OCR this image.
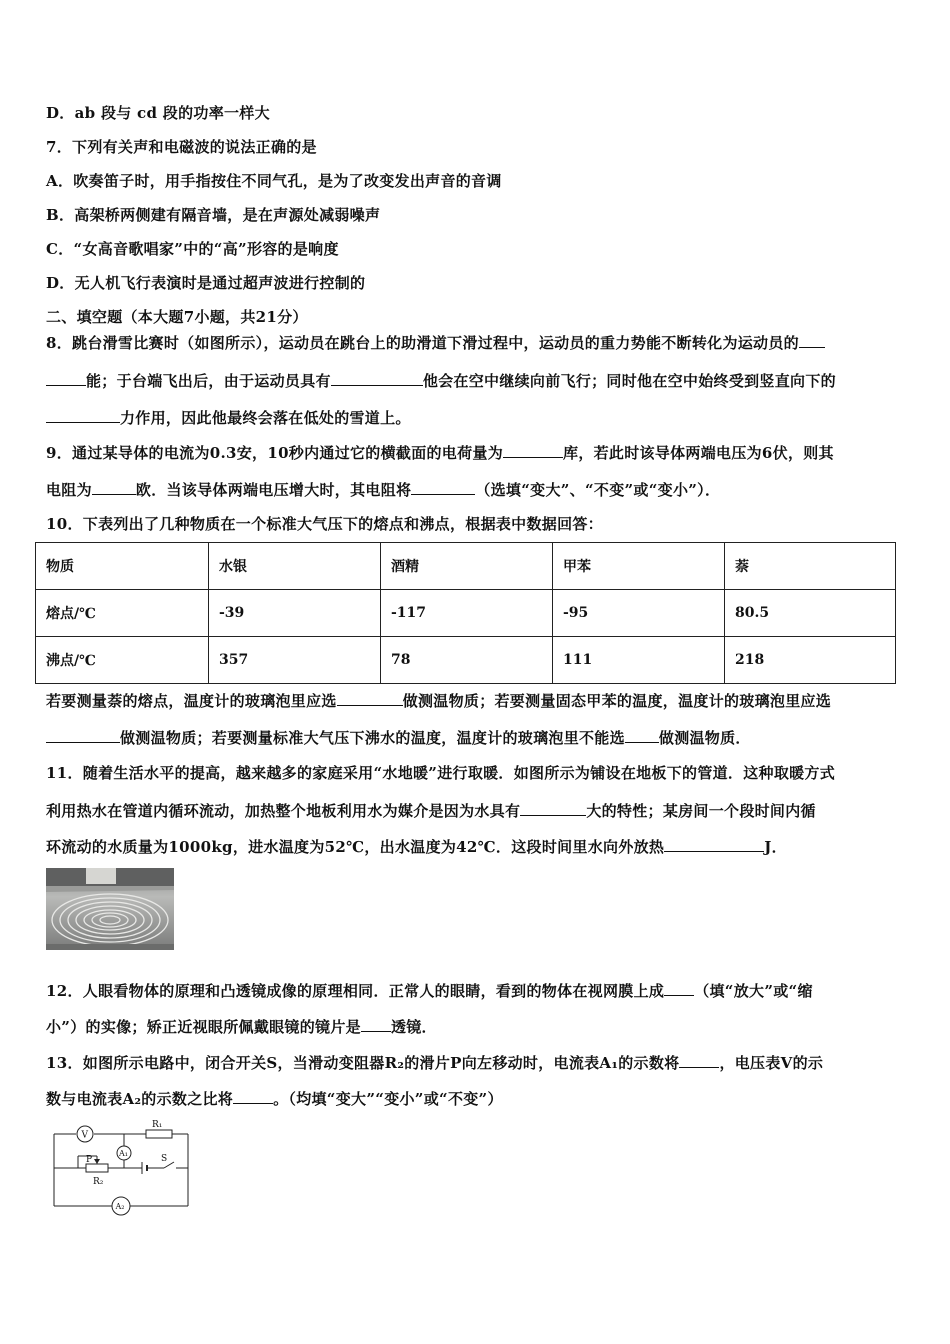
D．ab 段与 cd 段的功率一样大
7．下列有关声和电磁波的说法正确的是
A．吹奏笛子时，用手指按住不同气孔，是为了改变发出声音的音调
B．高架桥两侧建有隔音墙，是在声源处减弱噪声
C．“女高音歌唱家”中的“高”形容的是响度
D．无人机飞行表演时是通过超声波进行控制的
二、填空题（本大题7小题，共21分）
8．跳台滑雪比赛时（如图所示），运动员在跳台上的助滑道下滑过程中，运动员的重力势能不断转化为运动员的
能；于台端飞出后，由于运动员具有	他会在空中继续向前飞行；同时他在空中始终受到竖直向下的
力作用，因此他最终会落在低处的雪道上。
9．通过某导体的电流为0.3安，10秒内通过它的横截面的电荷量为	库，若此时该导体两端电压为6伏，则其
电阻为	欧．当该导体两端电压增大时，其电阻将	（选填“变大”、“不变”或“变小”）．
10．下表列出了几种物质在一个标准大气压下的熔点和沸点，根据表中数据回答：
物质	水银	酒精	甲苯	萘
熔点/℃	-39	-117	-95	80.5
沸点/℃	357	78	111	218
若要测量萘的熔点，温度计的玻璃泡里应选	做测温物质；若要测量固态甲苯的温度，温度计的玻璃泡里应选
做测温物质；若要测量标准大气压下沸水的温度，温度计的玻璃泡里不能选 做测温物质．
11．随着生活水平的提高，越来越多的家庭采用“水地暖”进行取暖．如图所示为铺设在地板下的管道．这种取暖方式
利用热水在管道内循环流动，加热整个地板利用水为媒介是因为水具有	大的特性；某房间一个段时间内循
环流动的水质量为1000kg，进水温度为52℃，出水温度为42℃．这段时间里水向外放热	J．
12．人眼看物体的原理和凸透镜成像的原理相同．正常人的眼睛，看到的物体在视网膜上成 （填“放大”或“缩
小”）的实像；矫正近视眼所佩戴眼镜的镜片是 透镜．
13．如图所示电路中，闭合开关S，当滑动变阻器R₂的滑片P向左移动时，电流表A₁的示数将	，电压表V的示
数与电流表A₂的示数之比将	。（均填“变大”“变小”或“不变”）
V
A₁
A₂
R₁
R₂
P	S
